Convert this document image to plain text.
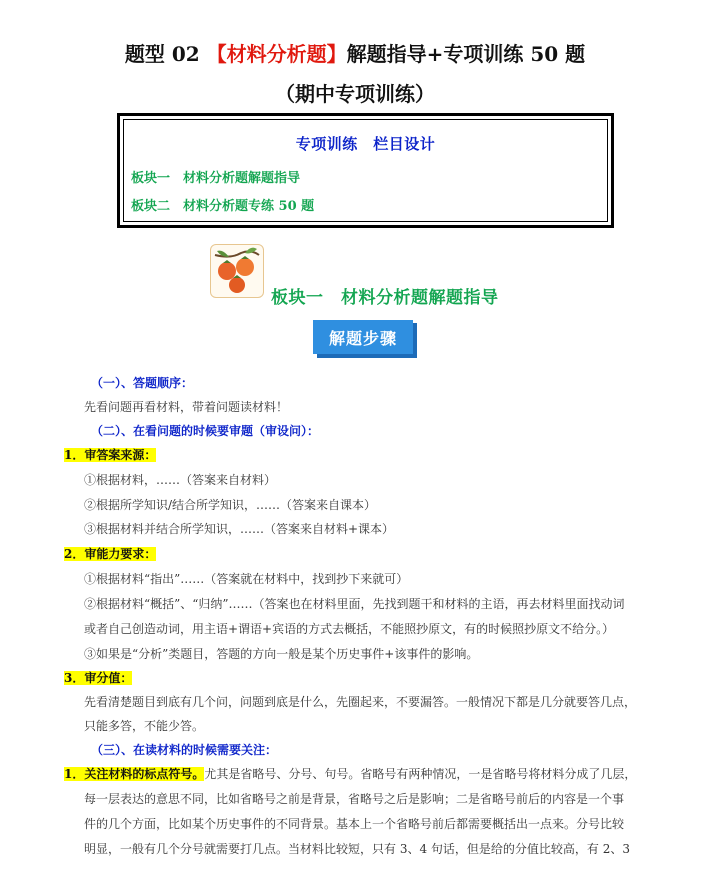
题型 02 【材料分析题】解题指导+专项训练 50 题
（期中专项训练）
专项训练　栏目设计
板块一　材料分析题解题指导
板块二　材料分析题专练 50 题
板块一　材料分析题解题指导
解题步骤
（一）、答题顺序：
先看问题再看材料，带着问题读材料！
（二）、在看问题的时候要审题（审设问）：
1．审答案来源：
①根据材料，……（答案来自材料）
②根据所学知识/结合所学知识，……（答案来自课本）
③根据材料并结合所学知识，……（答案来自材料+课本）
2．审能力要求：
①根据材料“指出”……（答案就在材料中，找到抄下来就可）
②根据材料“概括”、“归纳”……（答案也在材料里面，先找到题干和材料的主语，再去材料里面找动词
或者自己创造动词，用主语+谓语+宾语的方式去概括，不能照抄原文，有的时候照抄原文不给分。）
③如果是“分析”类题目，答题的方向一般是某个历史事件+该事件的影响。
3．审分值：
先看清楚题目到底有几个问，问题到底是什么，先圈起来，不要漏答。一般情况下都是几分就要答几点，
只能多答，不能少答。
（三）、在读材料的时候需要关注：
1．关注材料的标点符号。尤其是省略号、分号、句号。省略号有两种情况，一是省略号将材料分成了几层，
每一层表达的意思不同，比如省略号之前是背景，省略号之后是影响；二是省略号前后的内容是一个事
件的几个方面，比如某个历史事件的不同背景。基本上一个省略号前后都需要概括出一点来。分号比较
明显，一般有几个分号就需要打几点。当材料比较短，只有 3、4 句话，但是给的分值比较高，有 2、3
